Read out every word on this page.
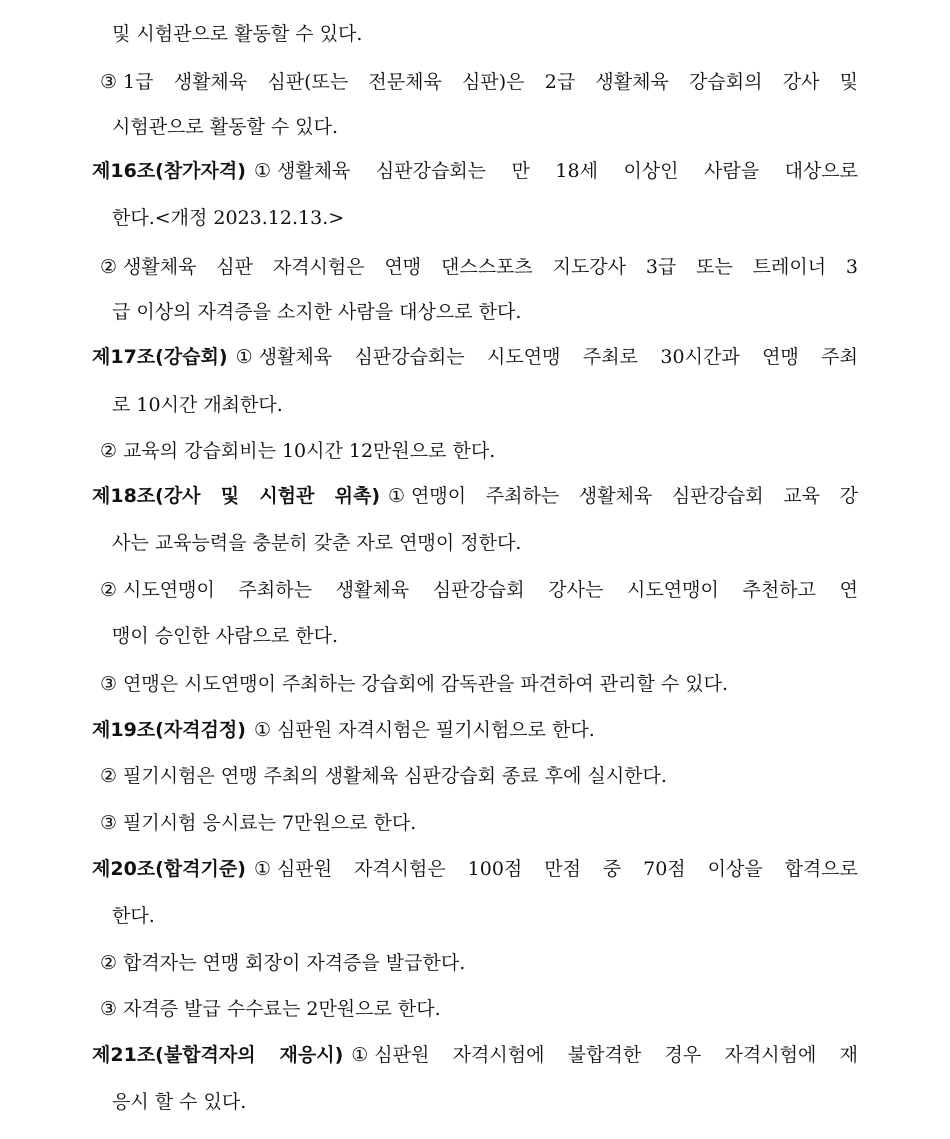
및 시험관으로 활동할 수 있다.
③ 1급 생활체육 심판(또는 전문체육 심판)은 2급 생활체육 강습회의 강사 및
시험관으로 활동할 수 있다.
제16조(참가자격) ① 생활체육 심판강습회는 만 18세 이상인 사람을 대상으로
한다.<개정 2023.12.13.>
② 생활체육 심판 자격시험은 연맹 댄스스포츠 지도강사 3급 또는 트레이너 3
급 이상의 자격증을 소지한 사람을 대상으로 한다.
제17조(강습회) ① 생활체육 심판강습회는 시도연맹 주최로 30시간과 연맹 주최
로 10시간 개최한다.
② 교육의 강습회비는 10시간 12만원으로 한다.
제18조(강사 및 시험관 위촉) ① 연맹이 주최하는 생활체육 심판강습회 교육 강
사는 교육능력을 충분히 갖춘 자로 연맹이 정한다.
② 시도연맹이 주최하는 생활체육 심판강습회 강사는 시도연맹이 추천하고 연
맹이 승인한 사람으로 한다.
③ 연맹은 시도연맹이 주최하는 강습회에 감독관을 파견하여 관리할 수 있다.
제19조(자격검정) ① 심판원 자격시험은 필기시험으로 한다.
② 필기시험은 연맹 주최의 생활체육 심판강습회 종료 후에 실시한다.
③ 필기시험 응시료는 7만원으로 한다.
제20조(합격기준) ① 심판원 자격시험은 100점 만점 중 70점 이상을 합격으로
한다.
② 합격자는 연맹 회장이 자격증을 발급한다.
③ 자격증 발급 수수료는 2만원으로 한다.
제21조(불합격자의 재응시) ① 심판원 자격시험에 불합격한 경우 자격시험에 재
응시 할 수 있다.
